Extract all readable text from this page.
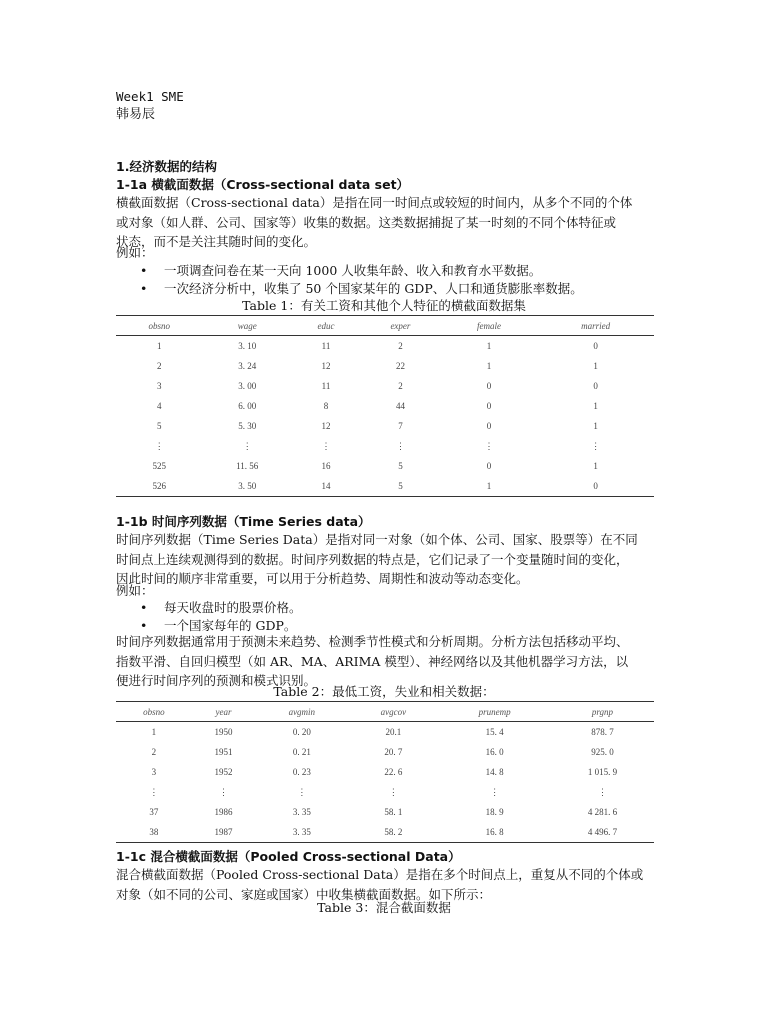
Week1 SME
韩易辰
1.经济数据的结构
1-1a 横截面数据（Cross-sectional data set）
横截面数据（Cross-sectional data）是指在同一时间点或较短的时间内，从多个不同的个体
或对象（如人群、公司、国家等）收集的数据。这类数据捕捉了某一时刻的不同个体特征或
状态，而不是关注其随时间的变化。
例如：
• 一项调查问卷在某一天向 1000 人收集年龄、收入和教育水平数据。
• 一次经济分析中，收集了 50 个国家某年的 GDP、人口和通货膨胀率数据。
Table 1：有关工资和其他个人特征的横截面数据集
obsno	wage	educ	exper	female	married
1	3. 10	11	2	1	0
2	3. 24	12	22	1	1
3	3. 00	11	2	0	0
4	6. 00	8	44	0	1
5	5. 30	12	7	0	1
⋮	⋮	⋮	⋮	⋮	⋮
525	11. 56	16	5	0	1
526	3. 50	14	5	1	0
1-1b 时间序列数据（Time Series data）
时间序列数据（Time Series Data）是指对同一对象（如个体、公司、国家、股票等）在不同
时间点上连续观测得到的数据。时间序列数据的特点是，它们记录了一个变量随时间的变化，
因此时间的顺序非常重要，可以用于分析趋势、周期性和波动等动态变化。
例如：
• 每天收盘时的股票价格。
• 一个国家每年的 GDP。
时间序列数据通常用于预测未来趋势、检测季节性模式和分析周期。分析方法包括移动平均、
指数平滑、自回归模型（如 AR、MA、ARIMA 模型）、神经网络以及其他机器学习方法，以
便进行时间序列的预测和模式识别。
Table 2：最低工资，失业和相关数据：
obsno	year	avgmin	avgcov	prunemp	prgnp
1	1950	0. 20	20.1	15. 4	878. 7
2	1951	0. 21	20. 7	16. 0	925. 0
3	1952	0. 23	22. 6	14. 8	1 015. 9
⋮	⋮	⋮	⋮	⋮	⋮
37	1986	3. 35	58. 1	18. 9	4 281. 6
38	1987	3. 35	58. 2	16. 8	4 496. 7
1-1c 混合横截面数据（Pooled Cross-sectional Data）
混合横截面数据（Pooled Cross-sectional Data）是指在多个时间点上，重复从不同的个体或
对象（如不同的公司、家庭或国家）中收集横截面数据。如下所示：
Table 3：混合截面数据
